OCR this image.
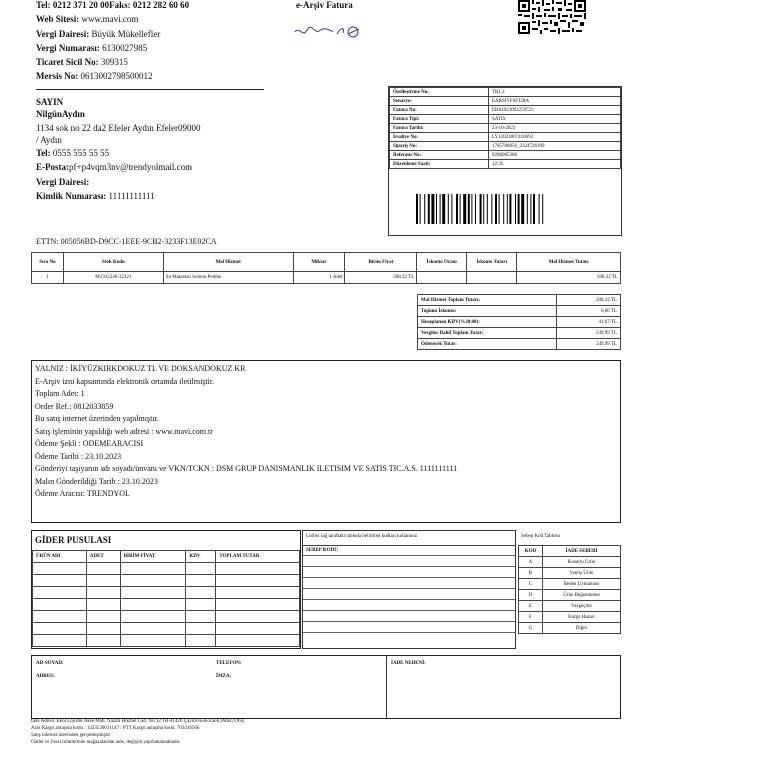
Tel: 0212 371 20 00Faks: 0212 282 60 60
Web Sitesi: www.mavi.com
Vergi Dairesi: Büyük Mükellefler
Vergi Numarası: 6130027985
Ticaret Sicil No: 309315
Mersis No: 0613002798500012
e-Arşiv Fatura
SAYIN
NilgünAydın
1134 sok no 22 da2 Efeler Aydın Efeler09000
/ Aydın
Tel: 0555 555 55 55
E-Posta:pf+p4vqm3nv@trendyolmail.com
Vergi Dairesi:
Kimlik Numarası: 11111111111
Özelleştirme No:	TR1.2
Senaryo:	EARSIVFATURA
Fatura No:	EH02023002259723
Fatura Tipi:	SATIS
Fatura Tarihi:	23-10-2023
İrsaliye No:	LY12023007410692
Sipariş No:	1785780056_2324726109
Referans No:	9206085308
Düzenleme Saati:	12:35
ETTN: 005056BD-D9CC-1EEE-9CB2-3233F13E02CA
Sıra No	Stok Kodu	Mal Hizmet	Miktar	Birim Fiyat	İskonto Oranı	İskonto Tutarı	Mal Hizmet Tutarı
1	M1912246-32321	Su Mataraso Somon Pembe	1 Adet	208,32 TL			208,32 TL
Mal Hizmet Toplam Tutarı:	208,32 TL
Toplam İskonto:	0,00 TL
Hesaplanan KDV(%20.00):	41,67 TL
Vergiler Dahil Toplam Tutar:	249,99 TL
Ödenecek Tutar:	249,99 TL
YALNIZ : İKİYÜZKIRKDOKUZ TL VE DOKSANDOKUZ KR
E-Arşiv izni kapsamında elektronik ortamda iletilmiştir.
Toplam Adet: 1
Order Ref.: 0812033859
Bu satış internet üzerinden yapılmıştır.
Satış işleminin yapıldığı web adresi : www.mavi.com.tr
Ödeme Şekli : ODEMEARACISI
Ödeme Tarihi : 23.10.2023
Gönderiyi taşıyanın adı soyadı/ünvanı ve VKN/TCKN : DSM GRUP DANISMANLIK ILETISIM VE SATIS TIC.A.S. 1111111111
Malın Gönderildiği Tarih : 23.10.2023
Ödeme Aracısı: TRENDYOL
GİDER PUSULASI
ÜRÜN ADI	ADET	BİRİM FİYAT	KDV	TOPLAM TUTAR

Lütfen sağ taraftaki tabloda belirtilen kodları kullanınız.
SEBEP KODU
Sebep Kod Tablosu
KOD	İADE SEBEBİ
A	Kusurlu Ürün
B	Yanlış Ürün
C	Beden Uymaması
D	Ürün Beğenmeme
E	Vazgeçme
F	Kargo Hasarı
G	Diğer
AD-SOYAD:	TELEFON:	İADE NEDENİ:
ADRES:	İMZA:
İade Adresi: Ekol Lojistik Akse Mah. Nazım Hikmet Cad. No:12 TR-41420 Çayırova-Kocaeli (Mavi Ofis)
Aras Kargo anlaşma kodu : 1423530011147 / PTT Kargo anlaşma kodu: 703416566
Satış internet üzerinden gerçekleşmiştir.
Outlet ve fırsat ürünlerinde mağazalardan iade, değişim yapılamamaktadır.
